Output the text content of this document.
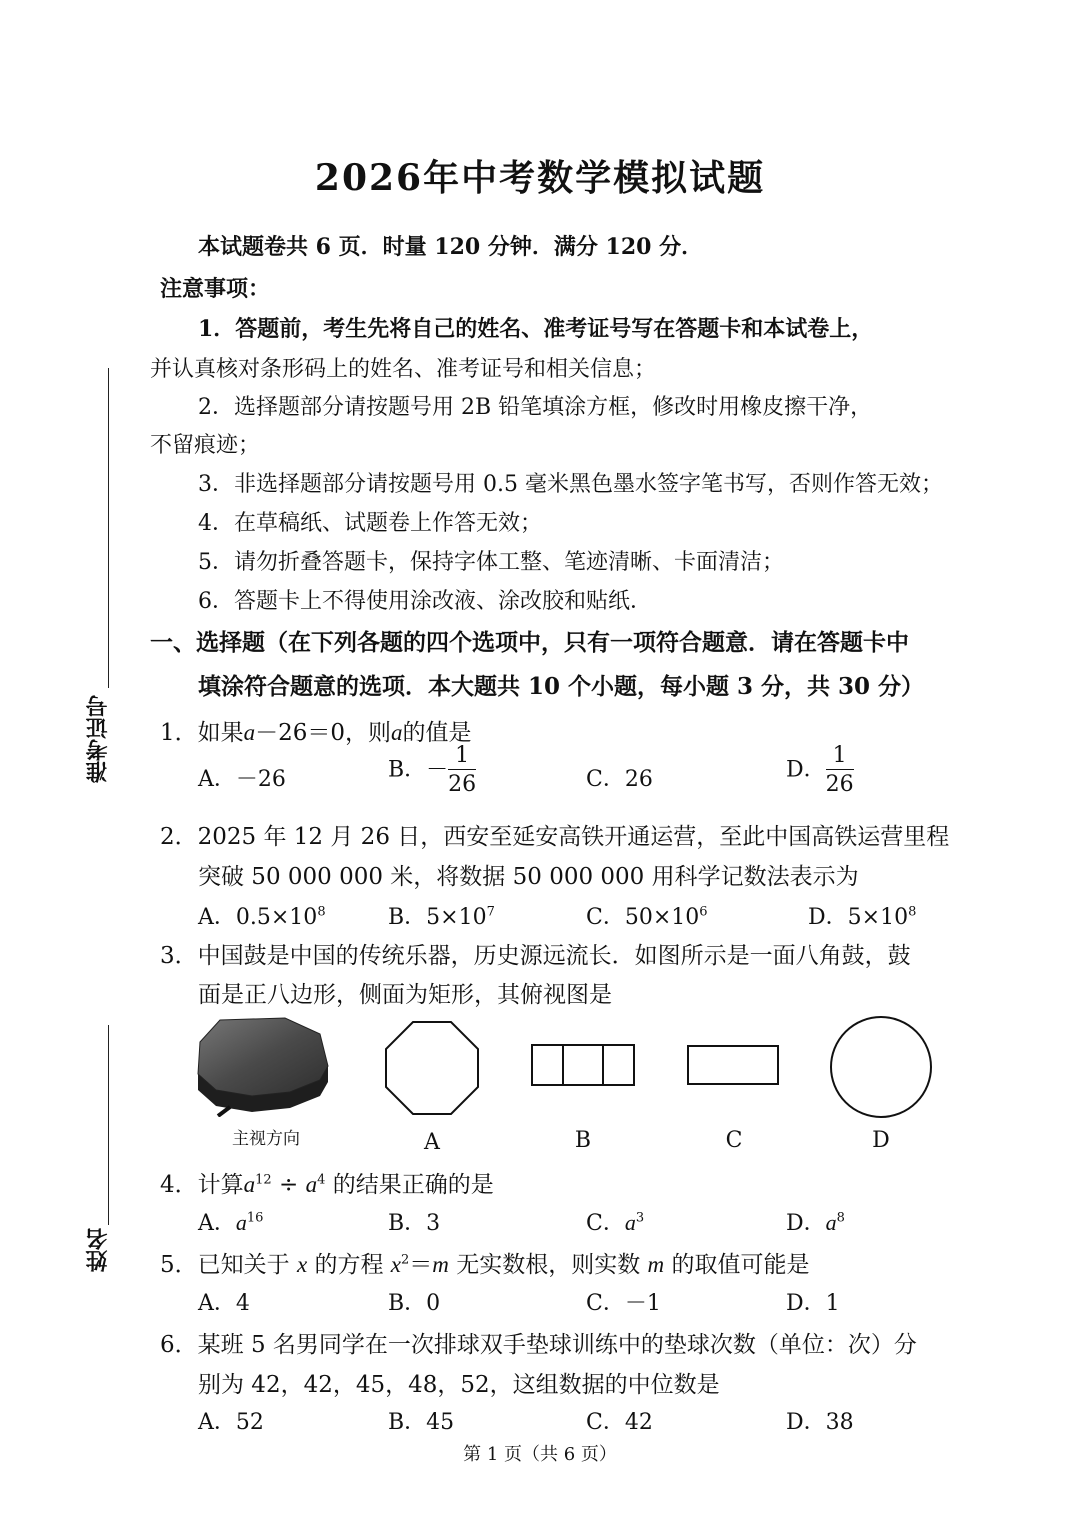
2026年中考数学模拟试题
本试题卷共 6 页．时量 120 分钟．满分 120 分．
注意事项：
1．答题前，考生先将自己的姓名、准考证号写在答题卡和本试卷上，
并认真核对条形码上的姓名、准考证号和相关信息；
2．选择题部分请按题号用 2B 铅笔填涂方框，修改时用橡皮擦干净，
不留痕迹；
3．非选择题部分请按题号用 0.5 毫米黑色墨水签字笔书写，否则作答无效；
4．在草稿纸、试题卷上作答无效；
5．请勿折叠答题卡，保持字体工整、笔迹清晰、卡面清洁；
6．答题卡上不得使用涂改液、涂改胶和贴纸．
一、选择题（在下列各题的四个选项中，只有一项符合题意．请在答题卡中
填涂符合题意的选项．本大题共 10 个小题，每小题 3 分，共 30 分）
准考证号
姓名
1．如果a－26＝0，则a的值是
A．－26	B．－ $\frac{1}{26}$	C．26	D． $\frac{1}{26}$
2．2025 年 12 月 26 日，西安至延安高铁开通运营，至此中国高铁运营里程
突破 50 000 000 米，将数据 50 000 000 用科学记数法表示为
A．$0.5\times 10^8$	B．$5\times 10^7$	C．$50\times 10^6$	D．$5\times 10^8$
3．中国鼓是中国的传统乐器，历史源远流长．如图所示是一面八角鼓，鼓
面是正八边形，侧面为矩形，其俯视图是
主视方向	A	B	C	D
4．计算$a^{12} \div a^4$ 的结果正确的是
A．$a^{16}$	B．3	C．$a^3$	D．$a^8$
5．已知关于 x 的方程 $x^2=m$ 无实数根，则实数 m 的取值可能是
A．4	B．0	C．－1	D．1
6．某班 5 名男同学在一次排球双手垫球训练中的垫球次数（单位：次）分
别为 42，42，45，48，52，这组数据的中位数是
A．52	B．45	C．42	D．38
第 1 页（共 6 页）
